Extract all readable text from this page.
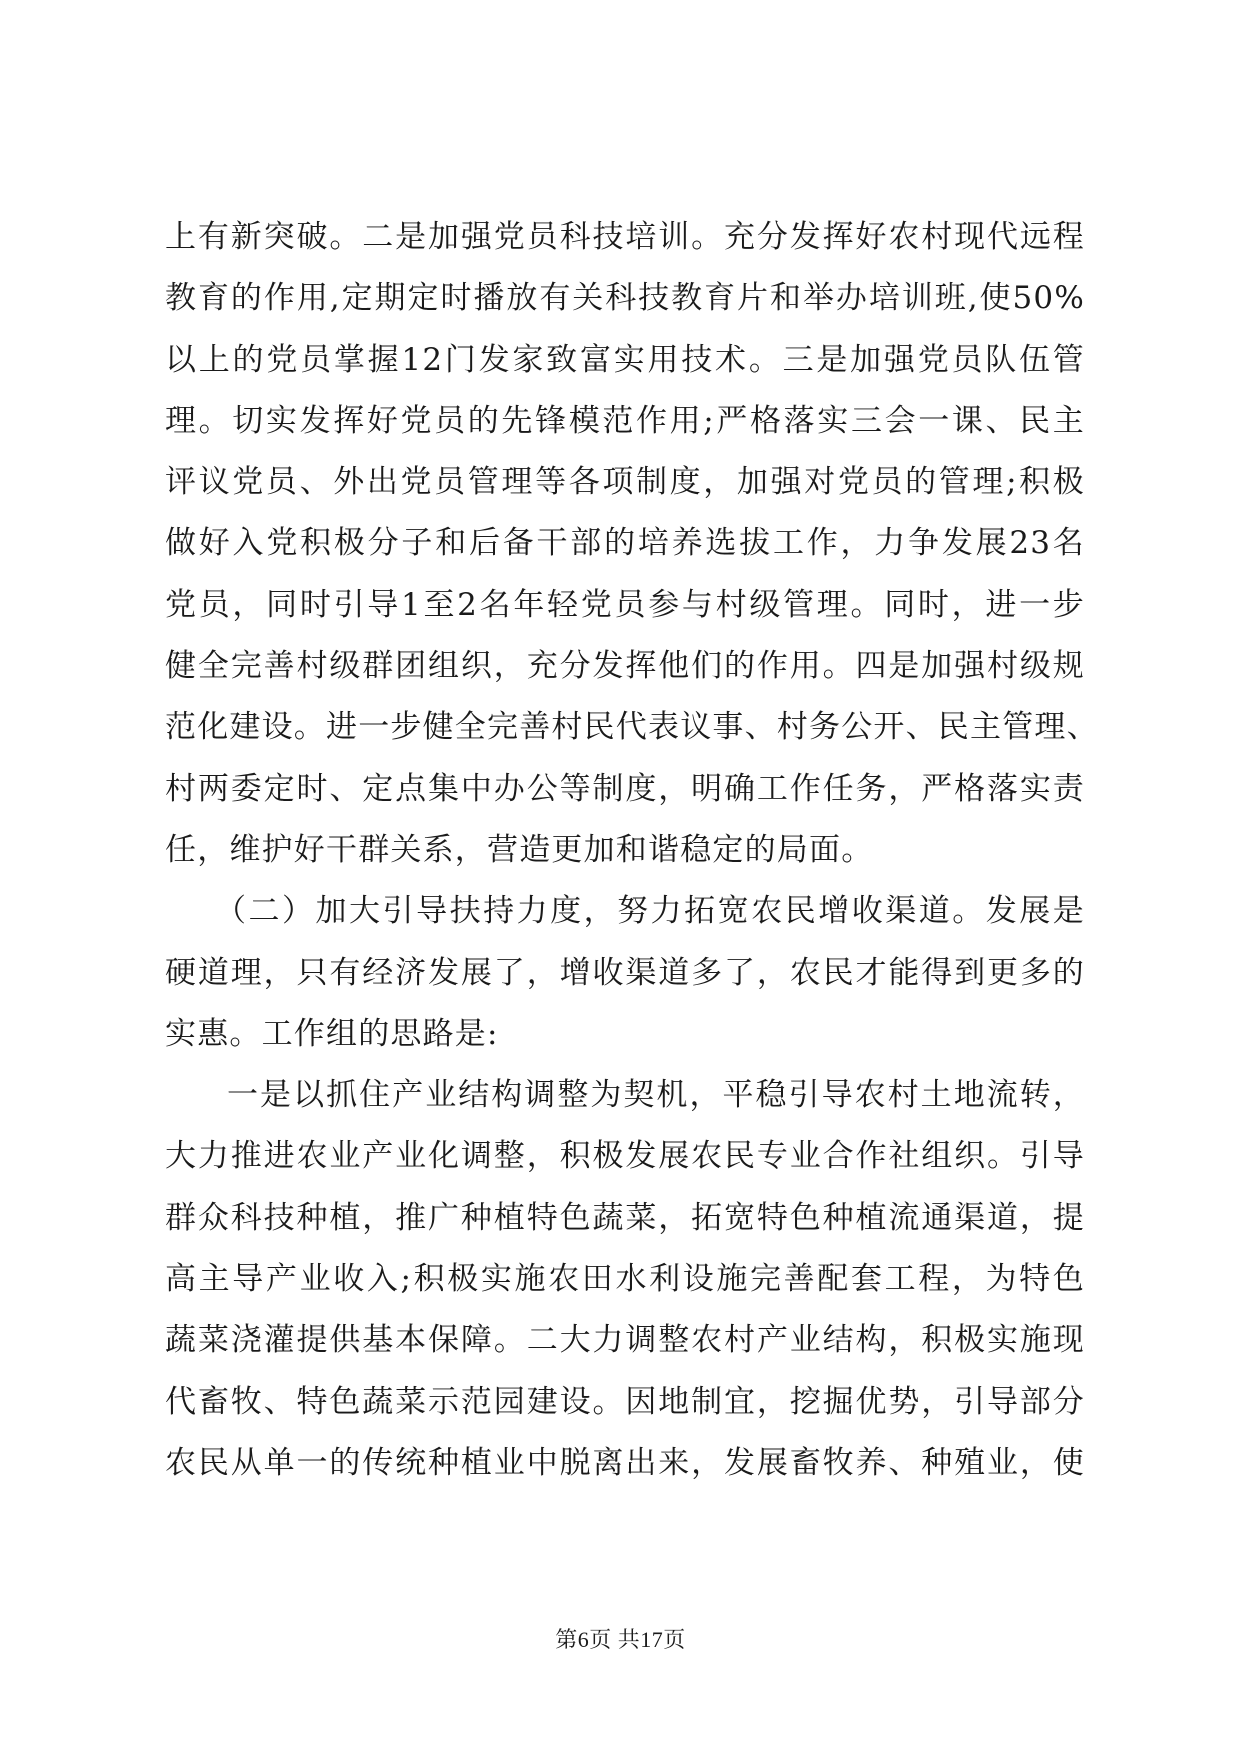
上有新突破。二是加强党员科技培训。充分发挥好农村现代远程
教育的作用,定期定时播放有关科技教育片和举办培训班,使50%
以上的党员掌握12门发家致富实用技术。三是加强党员队伍管
理。切实发挥好党员的先锋模范作用;严格落实三会一课、民主
评议党员、外出党员管理等各项制度，加强对党员的管理;积极
做好入党积极分子和后备干部的培养选拔工作，力争发展23名
党员，同时引导1至2名年轻党员参与村级管理。同时，进一步
健全完善村级群团组织，充分发挥他们的作用。四是加强村级规
范化建设。进一步健全完善村民代表议事、村务公开、民主管理、
村两委定时、定点集中办公等制度，明确工作任务，严格落实责
任，维护好干群关系，营造更加和谐稳定的局面。
（二）加大引导扶持力度，努力拓宽农民增收渠道。发展是
硬道理，只有经济发展了，增收渠道多了，农民才能得到更多的
实惠。工作组的思路是:
一是以抓住产业结构调整为契机，平稳引导农村土地流转，
大力推进农业产业化调整，积极发展农民专业合作社组织。引导
群众科技种植，推广种植特色蔬菜，拓宽特色种植流通渠道，提
高主导产业收入;积极实施农田水利设施完善配套工程，为特色
蔬菜浇灌提供基本保障。二大力调整农村产业结构，积极实施现
代畜牧、特色蔬菜示范园建设。因地制宜，挖掘优势，引导部分
农民从单一的传统种植业中脱离出来，发展畜牧养、种殖业，使
第6页 共17页
